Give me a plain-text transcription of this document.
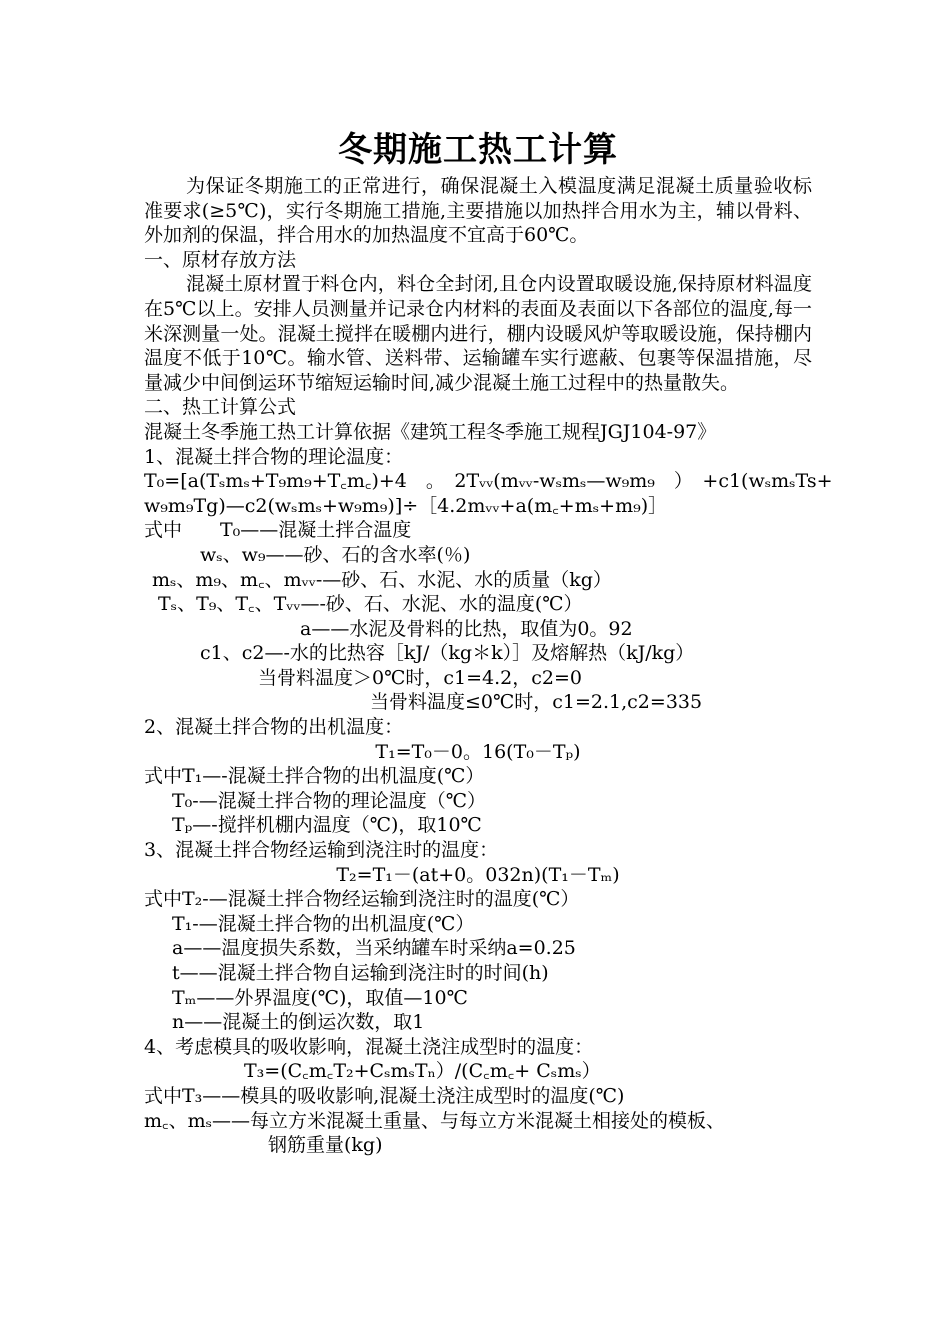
冬期施工热工计算

为保证冬期施工的正常进行，确保混凝土入模温度满足混凝土质量验收标准要求(≥5℃)，实行冬期施工措施,主要措施以加热拌合用水为主，辅以骨料、外加剂的保温，拌合用水的加热温度不宜高于60℃。

一、原材存放方法

混凝土原材置于料仓内，料仓全封闭,且仓内设置取暖设施,保持原材料温度在5℃以上。安排人员测量并记录仓内材料的表面及表面以下各部位的温度,每一米深测量一处。混凝土搅拌在暖棚内进行，棚内设暖风炉等取暖设施，保持棚内温度不低于10℃。输水管、送料带、运输罐车实行遮蔽、包裹等保温措施，尽量减少中间倒运环节缩短运输时间,减少混凝土施工过程中的热量散失。

二、热工计算公式

混凝土冬季施工热工计算依据《建筑工程冬季施工规程JGJ104-97》

1、混凝土拌合物的理论温度：

T₀=[a(Tₛmₛ+T₉m₉+T꜀m꜀)+4　。　2Tᵥᵥ(mᵥᵥ-wₛmₛ—w₉m₉　）　+c1(wₛmₛTs+

w₉m₉Tg)—c2(wₛmₛ+w₉m₉)]÷［4.2mᵥᵥ+a(m꜀+mₛ+m₉)］

式中　　T₀——混凝土拌合温度

wₛ、w₉——砂、石的含水率(％)

mₛ、m₉、m꜀、mᵥᵥ-—砂、石、水泥、水的质量（kg）

Tₛ、T₉、T꜀、Tᵥᵥ—-砂、石、水泥、水的温度(℃）

a——水泥及骨料的比热，取值为0。92

c1、c2—-水的比热容［kJ/（kg＊k）］及熔解热（kJ/kg）

当骨料温度＞0℃时，c1=4.2，c2=0

当骨料温度≤0℃时，c1=2.1,c2=335

2、混凝土拌合物的出机温度：

T₁=T₀－0。16(T₀－Tₚ)

式中T₁—-混凝土拌合物的出机温度(℃）

T₀-—混凝土拌合物的理论温度（℃）

Tₚ—-搅拌机棚内温度（℃)，取10℃

3、混凝土拌合物经运输到浇注时的温度：

T₂=T₁－(at+0。032n)(T₁－Tₘ)

式中T₂-—混凝土拌合物经运输到浇注时的温度(℃）

T₁-—混凝土拌合物的出机温度(℃）

a——温度损失系数，当采纳罐车时采纳a=0.25

t——混凝土拌合物自运输到浇注时的时间(h)

Tₘ——外界温度(℃)，取值—10℃

n——混凝土的倒运次数，取1

4、考虑模具的吸收影响，混凝土浇注成型时的温度：

T₃=(C꜀m꜀T₂+CₛmₛTₙ）/(C꜀m꜀+ Cₛmₛ）

式中T₃——模具的吸收影响,混凝土浇注成型时的温度(℃)

m꜀、mₛ——每立方米混凝土重量、与每立方米混凝土相接处的模板、

钢筋重量(kg)
